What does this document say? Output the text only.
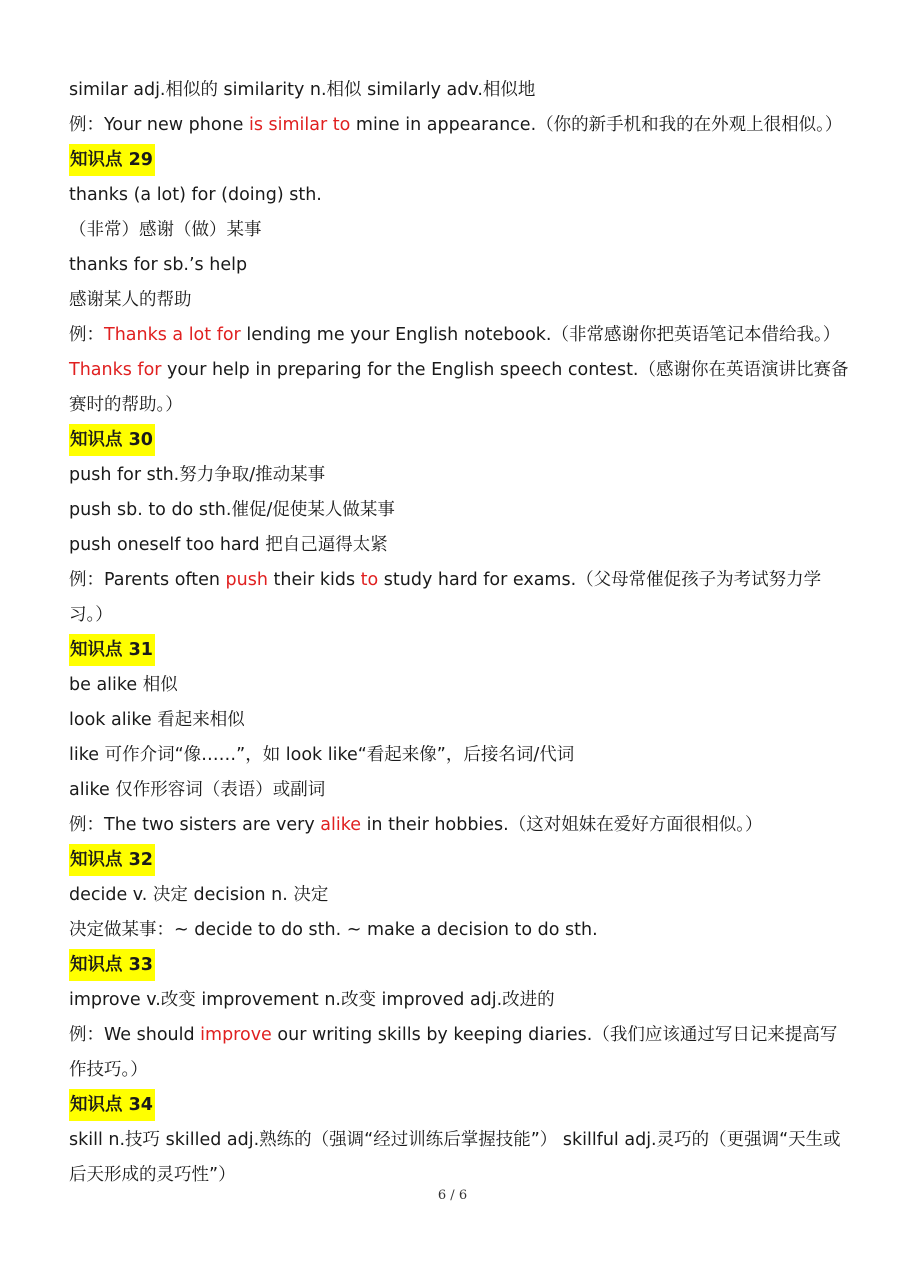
similar adj.相似的 similarity n.相似 similarly adv.相似地
例：Your new phone is similar to mine in appearance.（你的新手机和我的在外观上很相似。）
知识点 29
thanks (a lot) for (doing) sth.
（非常）感谢（做）某事
thanks for sb.’s help
感谢某人的帮助
例：Thanks a lot for lending me your English notebook.（非常感谢你把英语笔记本借给我。）
Thanks for your help in preparing for the English speech contest.（感谢你在英语演讲比赛备赛时的帮助。）
知识点 30
push for sth.努力争取/推动某事
push sb. to do sth.催促/促使某人做某事
push oneself too hard 把自己逼得太紧
例：Parents often push their kids to study hard for exams.（父母常催促孩子为考试努力学习。）
知识点 31
be alike 相似
look alike 看起来相似
like 可作介词“像……”，如 look like“看起来像”，后接名词/代词
alike 仅作形容词（表语）或副词
例：The two sisters are very alike in their hobbies.（这对姐妹在爱好方面很相似。）
知识点 32
decide v. 决定 decision n. 决定
决定做某事：~ decide to do sth. ~ make a decision to do sth.
知识点 33
improve v.改变 improvement n.改变 improved adj.改进的
例：We should improve our writing skills by keeping diaries.（我们应该通过写日记来提高写作技巧。）
知识点 34
skill n.技巧 skilled adj.熟练的（强调“经过训练后掌握技能”） skillful adj.灵巧的（更强调“天生或后天形成的灵巧性”）
6 / 6
